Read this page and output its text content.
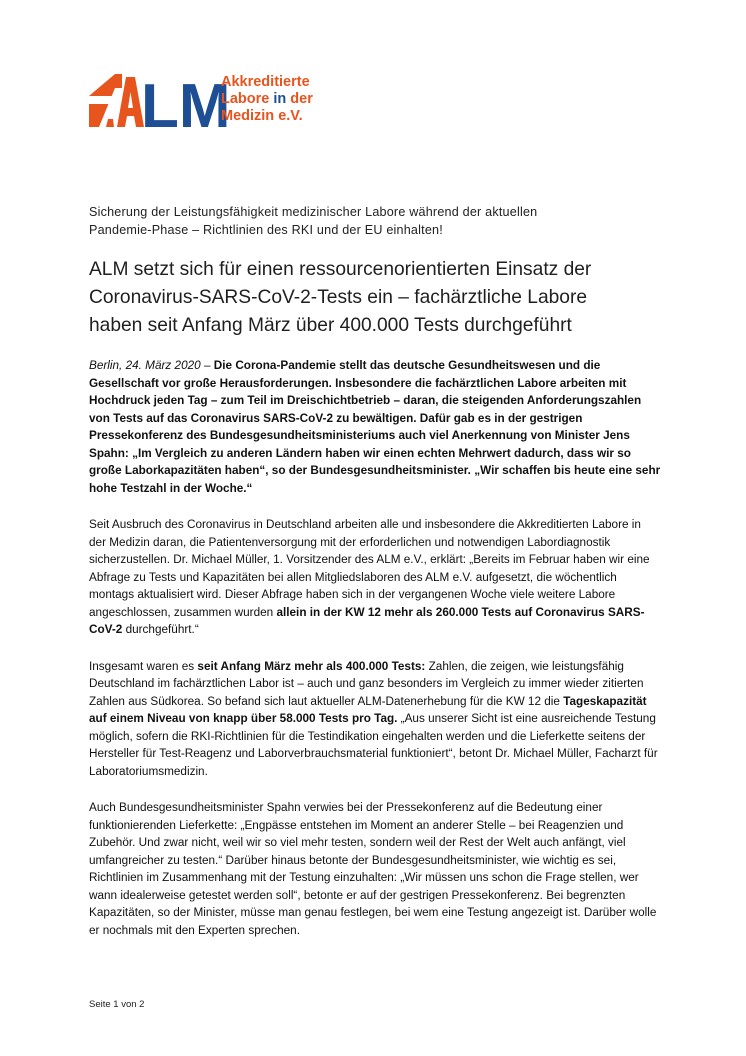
LM
Akkreditierte
Labore in der
Medizin e.V.
Sicherung der Leistungsfähigkeit medizinischer Labore während der aktuellen
Pandemie-Phase – Richtlinien des RKI und der EU einhalten!
ALM setzt sich für einen ressourcenorientierten Einsatz der
Coronavirus-SARS-CoV-2-Tests ein – fachärztliche Labore
haben seit Anfang März über 400.000 Tests durchgeführt

Berlin, 24. März 2020 – Die Corona-Pandemie stellt das deutsche Gesundheitswesen und die Gesellschaft vor große Herausforderungen. Insbesondere die fachärztlichen Labore arbeiten mit Hochdruck jeden Tag – zum Teil im Dreischichtbetrieb – daran, die steigenden Anforderungszahlen von Tests auf das Coronavirus SARS-CoV-2 zu bewältigen. Dafür gab es in der gestrigen Pressekonferenz des Bundesgesundheitsministeriums auch viel Anerkennung von Minister Jens Spahn: „Im Vergleich zu anderen Ländern haben wir einen echten Mehrwert dadurch, dass wir so große Laborkapazitäten haben“, so der Bundesgesundheitsminister. „Wir schaffen bis heute eine sehr hohe Testzahl in der Woche.“

Seit Ausbruch des Coronavirus in Deutschland arbeiten alle und insbesondere die Akkreditierten Labore in der Medizin daran, die Patientenversorgung mit der erforderlichen und notwendigen Labordiagnostik sicherzustellen. Dr. Michael Müller, 1. Vorsitzender des ALM e.V., erklärt: „Bereits im Februar haben wir eine Abfrage zu Tests und Kapazitäten bei allen Mitgliedslaboren des ALM e.V. aufgesetzt, die wöchentlich montags aktualisiert wird. Dieser Abfrage haben sich in der vergangenen Woche viele weitere Labore angeschlossen, zusammen wurden allein in der KW 12 mehr als 260.000 Tests auf Coronavirus SARS-CoV-2 durchgeführt.“

Insgesamt waren es seit Anfang März mehr als 400.000 Tests: Zahlen, die zeigen, wie leistungsfähig Deutschland im fachärztlichen Labor ist – auch und ganz besonders im Vergleich zu immer wieder zitierten Zahlen aus Südkorea. So befand sich laut aktueller ALM-Datenerhebung für die KW 12 die Tageskapazität auf einem Niveau von knapp über 58.000 Tests pro Tag. „Aus unserer Sicht ist eine ausreichende Testung möglich, sofern die RKI-Richtlinien für die Testindikation eingehalten werden und die Lieferkette seitens der Hersteller für Test-Reagenz und Laborverbrauchsmaterial funktioniert“, betont Dr. Michael Müller, Facharzt für Laboratoriumsmedizin.

Auch Bundesgesundheitsminister Spahn verwies bei der Pressekonferenz auf die Bedeutung einer funktionierenden Lieferkette: „Engpässe entstehen im Moment an anderer Stelle – bei Reagenzien und Zubehör. Und zwar nicht, weil wir so viel mehr testen, sondern weil der Rest der Welt auch anfängt, viel umfangreicher zu testen.“ Darüber hinaus betonte der Bundesgesundheitsminister, wie wichtig es sei, Richtlinien im Zusammenhang mit der Testung einzuhalten: „Wir müssen uns schon die Frage stellen, wer wann idealerweise getestet werden soll“, betonte er auf der gestrigen Pressekonferenz. Bei begrenzten Kapazitäten, so der Minister, müsse man genau festlegen, bei wem eine Testung angezeigt ist. Darüber wolle er nochmals mit den Experten sprechen.

Seite 1 von 2
